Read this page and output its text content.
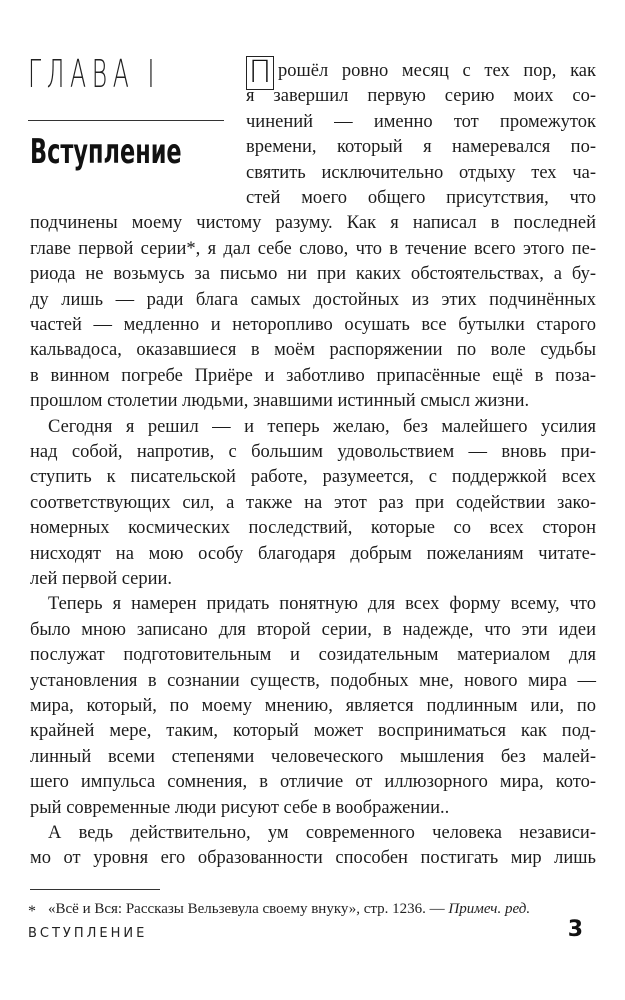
ГЛАВА I
Вступление
П рошёл ровно месяц с тех пор, как
я завершил первую серию моих со-
чинений — именно тот промежуток
времени, который я намеревался по-
святить исключительно отдыху тех ча-
стей моего общего присутствия, что
подчинены моему чистому разуму. Как я написал в последней
главе первой серии*, я дал себе слово, что в течение всего этого пе-
риода не возьмусь за письмо ни при каких обстоятельствах, а бу-
ду лишь — ради блага самых достойных из этих подчинённых
частей — медленно и неторопливо осушать все бутылки старого
кальвадоса, оказавшиеся в моём распоряжении по воле судьбы
в винном погребе Приёре и заботливо припасённые ещё в поза-
прошлом столетии людьми, знавшими истинный смысл жизни.
Сегодня я решил — и теперь желаю, без малейшего усилия
над собой, напротив, с большим удовольствием — вновь при-
ступить к писательской работе, разумеется, с поддержкой всех
соответствующих сил, а также на этот раз при содействии зако-
номерных космических последствий, которые со всех сторон
нисходят на мою особу благодаря добрым пожеланиям читате-
лей первой серии.
Теперь я намерен придать понятную для всех форму всему, что
было мною записано для второй серии, в надежде, что эти идеи
послужат подготовительным и созидательным материалом для
установления в сознании существ, подобных мне, нового мира —
мира, который, по моему мнению, является подлинным или, по
крайней мере, таким, который может восприниматься как под-
линный всеми степенями человеческого мышления без малей-
шего импульса сомнения, в отличие от иллюзорного мира, кото-
рый современные люди рисуют себе в воображении..
А ведь действительно, ум современного человека независи-
мо от уровня его образованности способен постигать мир лишь
* «Всё и Вся: Рассказы Вельзевула своему внуку», стр. 1236. — Примеч. ред.
ВСТУПЛЕНИЕ	3
